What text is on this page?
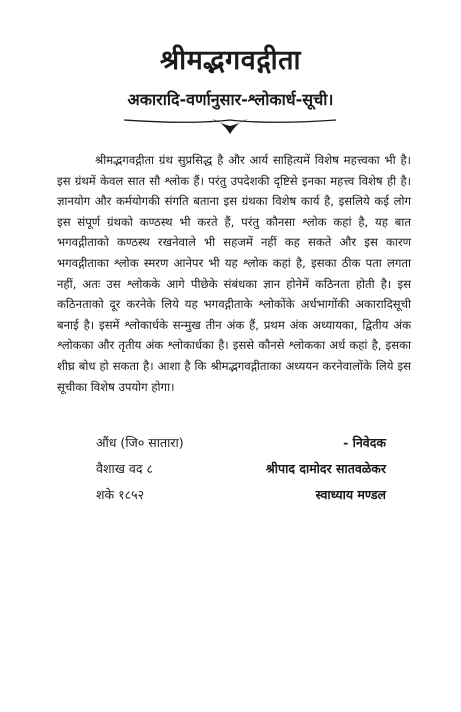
श्रीमद्भगवद्गीता
अकारादि-वर्णानुसार-श्लोकार्ध-सूची।

श्रीमद्भगवद्गीता ग्रंथ सुप्रसिद्ध है और आर्य साहित्यमें विशेष महत्त्वका भी है। इस ग्रंथमें केवल सात सौ श्लोक हैं। परंतु उपदेशकी दृष्टिसे इनका महत्त्व विशेष ही है। ज्ञानयोग और कर्मयोगकी संगति बताना इस ग्रंथका विशेष कार्य है, इसलिये कई लोग इस संपूर्ण ग्रंथको कण्ठस्थ भी करते हैं, परंतु कौनसा श्लोक कहां है, यह बात भगवद्गीताको कण्ठस्थ रखनेवाले भी सहजमें नहीं कह सकते और इस कारण भगवद्गीताका श्लोक स्मरण आनेपर भी यह श्लोक कहां है, इसका ठीक पता लगता नहीं, अतः उस श्लोकके आगे पीछेके संबंधका ज्ञान होनेमें कठिनता होती है। इस कठिनताको दूर करनेके लिये यह भगवद्गीताके श्लोकोंके अर्धभागोंकी अकारादिसूची बनाई है। इसमें श्लोकार्धके सन्मुख तीन अंक हैं, प्रथम अंक अध्यायका, द्वितीय अंक श्लोकका और तृतीय अंक श्लोकार्धका है। इससे कौनसे श्लोकका अर्ध कहां है, इसका शीघ्र बोध हो सकता है। आशा है कि श्रीमद्भगवद्गीताका अध्ययन करनेवालोंके लिये इस सूचीका विशेष उपयोग होगा।

औंध (जि० सातारा)	- निवेदक
वैशाख वद ८	श्रीपाद दामोदर सातवळेकर
शके १८५२	स्वाध्याय मण्डल
